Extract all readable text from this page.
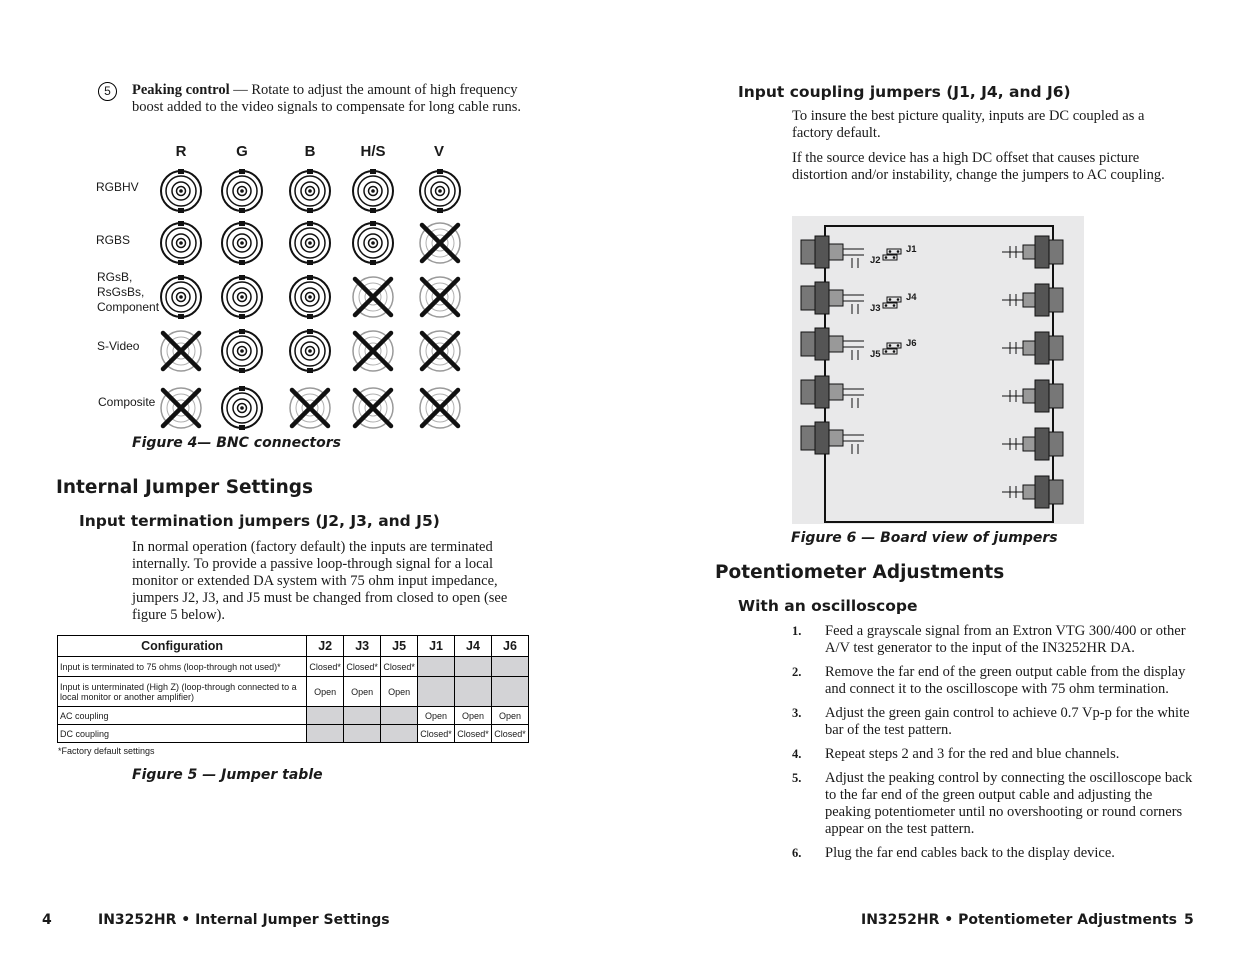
5	Peaking control — Rotate to adjust the amount of high frequency boost added to the video signals to compensate for long cable runs.
R	G	B	H/S	V
RGBHV
RGBS
RGsB,
RsGsBs,
Component
S-Video
Composite
Figure 4— BNC connectors
Internal Jumper Settings
Input termination jumpers (J2, J3, and J5)
In normal operation (factory default) the inputs are terminated internally. To provide a passive loop-through signal for a local monitor or extended DA system with 75 ohm input impedance, jumpers J2, J3, and J5 must be changed from closed to open (see figure 5 below).
Configuration	J2	J3	J5	J1	J4	J6
Input is terminated to 75 ohms (loop-through not used)*	Closed*	Closed*	Closed*			
Input is unterminated (High Z) (loop-through connected to a local monitor or another amplifier)	Open	Open	Open			
AC coupling				Open	Open	Open
DC coupling				Closed*	Closed*	Closed*
*Factory default settings
Figure 5 — Jumper table
4	IN3252HR • Internal Jumper Settings
Input coupling jumpers (J1, J4, and J6)
To insure the best picture quality, inputs are DC coupled as a factory default.
If the source device has a high DC offset that causes picture distortion and/or instability, change the jumpers to AC coupling.
J1
J2
J4
J3
J6
J5
Figure 6 — Board view of jumpers
Potentiometer Adjustments
With an oscilloscope
1. Feed a grayscale signal from an Extron VTG 300/400 or other A/V test generator to the input of the IN3252HR DA.
2. Remove the far end of the green output cable from the display and connect it to the oscilloscope with 75 ohm termination.
3. Adjust the green gain control to achieve 0.7 Vp-p for the white bar of the test pattern.
4. Repeat steps 2 and 3 for the red and blue channels.
5. Adjust the peaking control by connecting the oscilloscope back to the far end of the green output cable and adjusting the peaking potentiometer until no overshooting or round corners appear on the test pattern.
6. Plug the far end cables back to the display device.
IN3252HR • Potentiometer Adjustments 5
